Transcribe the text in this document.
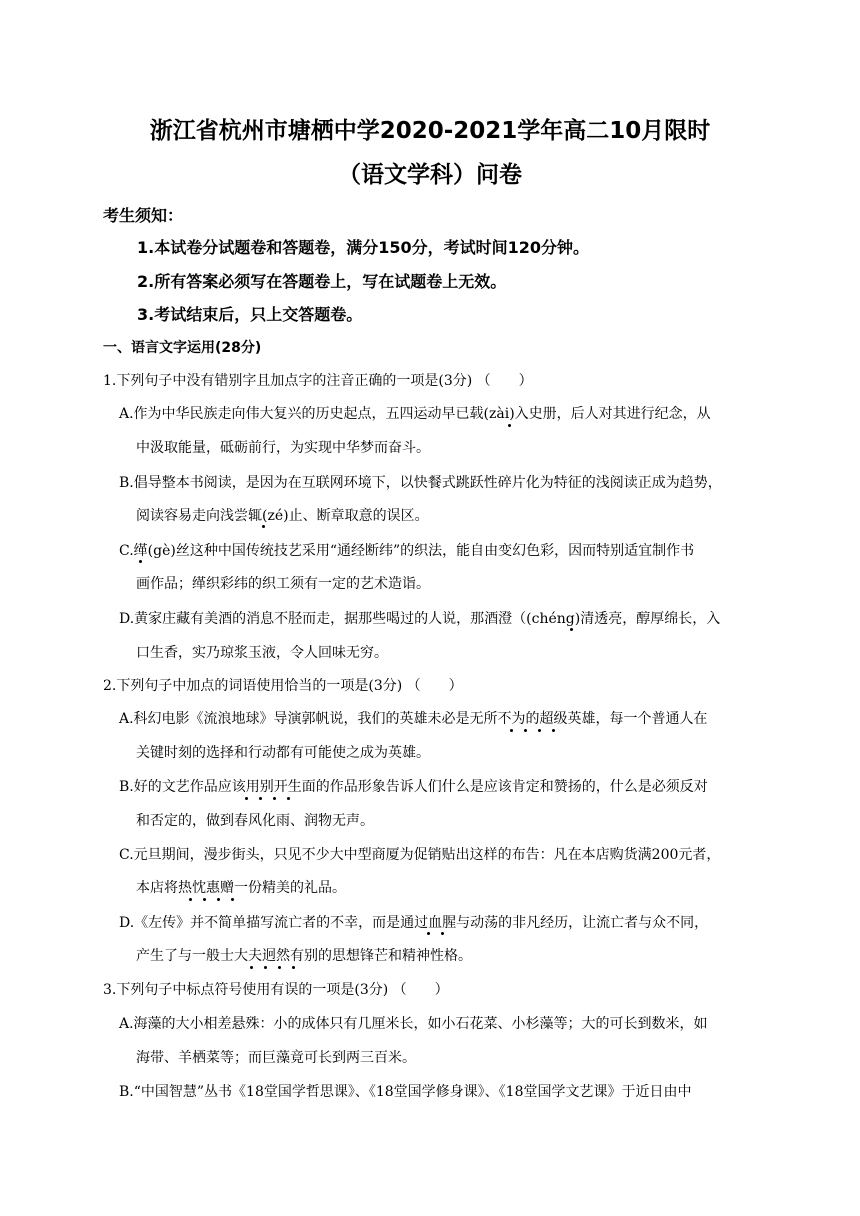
浙江省杭州市塘栖中学2020-2021学年高二10月限时
（语文学科）问卷
考生须知：
1.本试卷分试题卷和答题卷，满分150分，考试时间120分钟。
2.所有答案必须写在答题卷上，写在试题卷上无效。
3.考试结束后，只上交答题卷。
一、语言文字运用(28分)
1.下列句子中没有错别字且加点字的注音正确的一项是(3分) （　　）
A.作为中华民族走向伟大复兴的历史起点，五四运动早已载(zài)入史册，后人对其进行纪念，从
中汲取能量，砥砺前行，为实现中华梦而奋斗。
B.倡导整本书阅读，是因为在互联网环境下，以快餐式跳跃性碎片化为特征的浅阅读正成为趋势，
阅读容易走向浅尝辄(zé)止、断章取意的误区。
C.缂(gè)丝这种中国传统技艺采用“通经断纬”的织法，能自由变幻色彩，因而特别适宜制作书
画作品；缂织彩纬的织工须有一定的艺术造诣。
D.黄家庄藏有美酒的消息不胫而走，据那些喝过的人说，那酒澄（(chéng)清透亮，醇厚绵长，入
口生香，实乃琼浆玉液，令人回味无穷。
2.下列句子中加点的词语使用恰当的一项是(3分) （　　）
A.科幻电影《流浪地球》导演郭帆说，我们的英雄未必是无所不为的超级英雄，每一个普通人在
关键时刻的选择和行动都有可能使之成为英雄。
B.好的文艺作品应该用别开生面的作品形象告诉人们什么是应该肯定和赞扬的，什么是必须反对
和否定的，做到春风化雨、润物无声。
C.元旦期间，漫步街头，只见不少大中型商厦为促销贴出这样的布告：凡在本店购货满200元者，
本店将热忱惠赠一份精美的礼品。
D.《左传》并不简单描写流亡者的不幸，而是通过血腥与动荡的非凡经历，让流亡者与众不同，
产生了与一般士大夫迥然有别的思想锋芒和精神性格。
3.下列句子中标点符号使用有误的一项是(3分) （　　）
A.海藻的大小相差悬殊：小的成体只有几厘米长，如小石花菜、小杉藻等；大的可长到数米，如
海带、羊栖菜等；而巨藻竟可长到两三百米。
B.“中国智慧”丛书《18堂国学哲思课》、《18堂国学修身课》、《18堂国学文艺课》于近日由中
